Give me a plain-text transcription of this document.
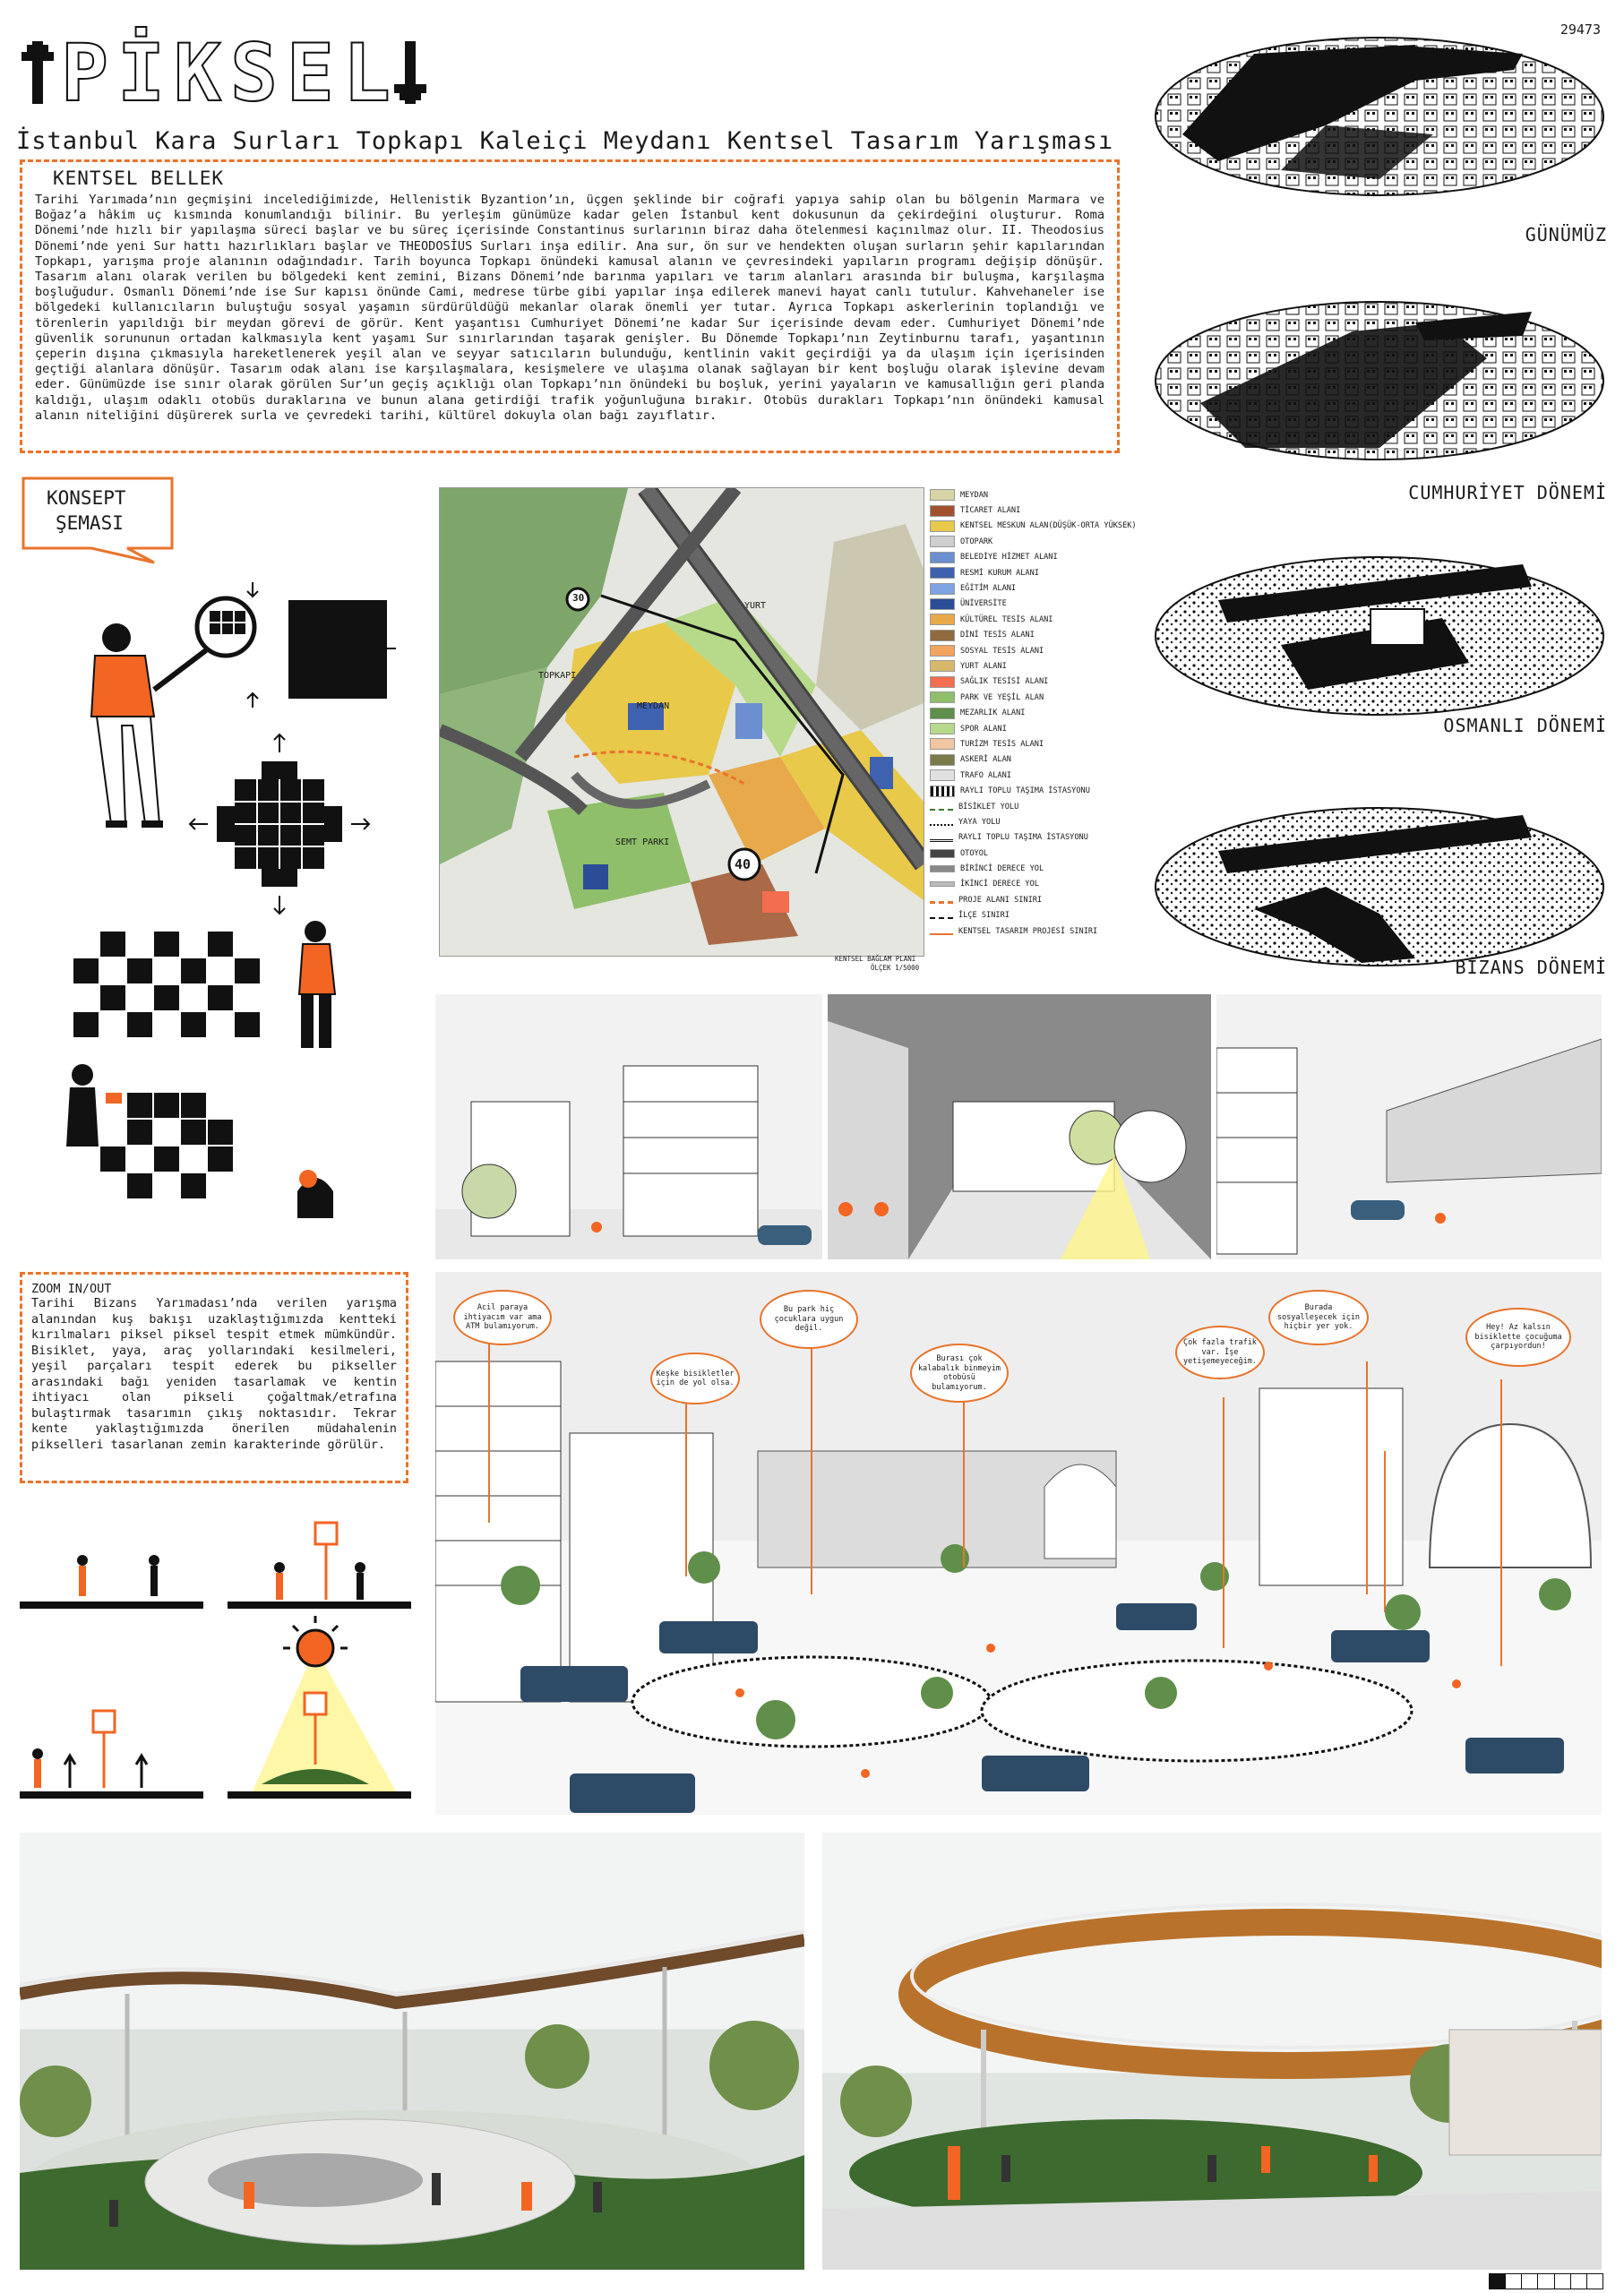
29473
PİKSEL
İstanbul Kara Surları Topkapı Kaleiçi Meydanı Kentsel Tasarım Yarışması
KENTSEL BELLEK
Tarihi Yarımada’nın geçmişini incelediğimizde, Hellenistik Byzantion’ın, üçgen şeklinde bir coğrafi yapıya sahip olan bu bölgenin Marmara ve Boğaz’a hâkim uç kısmında konumlandığı bilinir. Bu yerleşim günümüze kadar gelen İstanbul kent dokusunun da çekirdeğini oluşturur. Roma Dönemi’nde hızlı bir yapılaşma süreci başlar ve bu süreç içerisinde Constantinus surlarının biraz daha ötelenmesi kaçınılmaz olur. II. Theodosius Dönemi’nde yeni Sur hattı hazırlıkları başlar ve THEODOSİUS Surları inşa edilir. Ana sur, ön sur ve hendekten oluşan surların şehir kapılarından Topkapı, yarışma proje alanının odağındadır. Tarih boyunca Topkapı önündeki kamusal alanın ve çevresindeki yapıların programı değişip dönüşür. Tasarım alanı olarak verilen bu bölgedeki kent zemini, Bizans Dönemi’nde barınma yapıları ve tarım alanları arasında bir buluşma, karşılaşma boşluğudur. Osmanlı Dönemi’nde ise Sur kapısı önünde Cami, medrese türbe gibi yapılar inşa edilerek manevi hayat canlı tutulur. Kahvehaneler ise bölgedeki kullanıcıların buluştuğu sosyal yaşamın sürdürüldüğü mekanlar olarak önemli yer tutar. Ayrıca Topkapı askerlerinin toplandığı ve törenlerin yapıldığı bir meydan görevi de görür. Kent yaşantısı Cumhuriyet Dönemi’ne kadar Sur içerisinde devam eder. Cumhuriyet Dönemi’nde güvenlik sorununun ortadan kalkmasıyla kent yaşamı Sur sınırlarından taşarak genişler. Bu Dönemde Topkapı’nın Zeytinburnu tarafı, yaşantının çeperin dışına çıkmasıyla hareketlenerek yeşil alan ve seyyar satıcıların bulunduğu, kentlinin vakit geçirdiği ya da ulaşım için içerisinden geçtiği alanlara dönüşür. Tasarım odak alanı ise karşılaşmalara, kesişmelere ve ulaşıma olanak sağlayan bir kent boşluğu olarak işlevine devam eder. Günümüzde ise sınır olarak görülen Sur’un geçiş açıklığı olan Topkapı’nın önündeki bu boşluk, yerini yayaların ve kamusallığın geri planda kaldığı, ulaşım odaklı otobüs duraklarına ve bunun alana getirdiği trafik yoğunluğuna bırakır. Otobüs durakları Topkapı’nın önündeki kamusal alanın niteliğini düşürerek surla ve çevredeki tarihi, kültürel dokuyla olan bağı zayıflatır.
GÜNÜMÜZ
CUMHURİYET DÖNEMİ
OSMANLI DÖNEMİ
BİZANS DÖNEMİ
KONSEPT
ŞEMASI
30
40
TOPKAPI
MEYDAN
YURT
SEMT PARKI
KENTSEL BAĞLAM PLANI
ÖLÇEK 1/5000
MEYDAN
TİCARET ALANI
KENTSEL MESKUN ALAN(DÜŞÜK-ORTA YÜKSEK)
OTOPARK
BELEDİYE HİZMET ALANI
RESMİ KURUM ALANI
EĞİTİM ALANI
ÜNİVERSİTE
KÜLTÜREL TESİS ALANI
DİNİ TESİS ALANI
SOSYAL TESİS ALANI
YURT ALANI
SAĞLIK TESİSİ ALANI
PARK VE YEŞİL ALAN
MEZARLIK ALANI
SPOR ALANI
TURİZM TESİS ALANI
ASKERİ ALAN
TRAFO ALANI
RAYLI TOPLU TAŞIMA İSTASYONU
BİSİKLET YOLU
YAYA YOLU
RAYLI TOPLU TAŞIMA İSTASYONU
OTOYOL
BİRİNCİ DERECE YOL
İKİNCİ DERECE YOL
PROJE ALANI SINIRI
İLÇE SINIRI
KENTSEL TASARIM PROJESİ SINIRI
ZOOM IN/OUT
Tarihi Bizans Yarımadası’nda verilen yarışma alanından kuş bakışı uzaklaştığımızda kentteki kırılmaları piksel piksel tespit etmek mümkündür. Bisiklet, yaya, araç yollarındaki kesilmeleri, yeşil parçaları tespit ederek bu pikseller arasındaki bağı yeniden tasarlamak ve kentin ihtiyacı olan pikseli çoğaltmak/etrafına bulaştırmak tasarımın çıkış noktasıdır. Tekrar kente yaklaştığımızda önerilen müdahalenin pikselleri tasarlanan zemin karakterinde görülür.
Acil paraya ihtiyacım var ama ATM bulamıyorum.
Keşke bisikletler için de yol olsa.
Bu park hiç çocuklara uygun değil.
Burası çok kalabalık binmeyim otobüsü bulamıyorum.
Çok fazla trafik var. İşe yetişemeyeceğim.
Burada sosyalleşecek için hiçbir yer yok.	Hey! Az kalsın bisiklette çocuğuma çarpıyordun!
